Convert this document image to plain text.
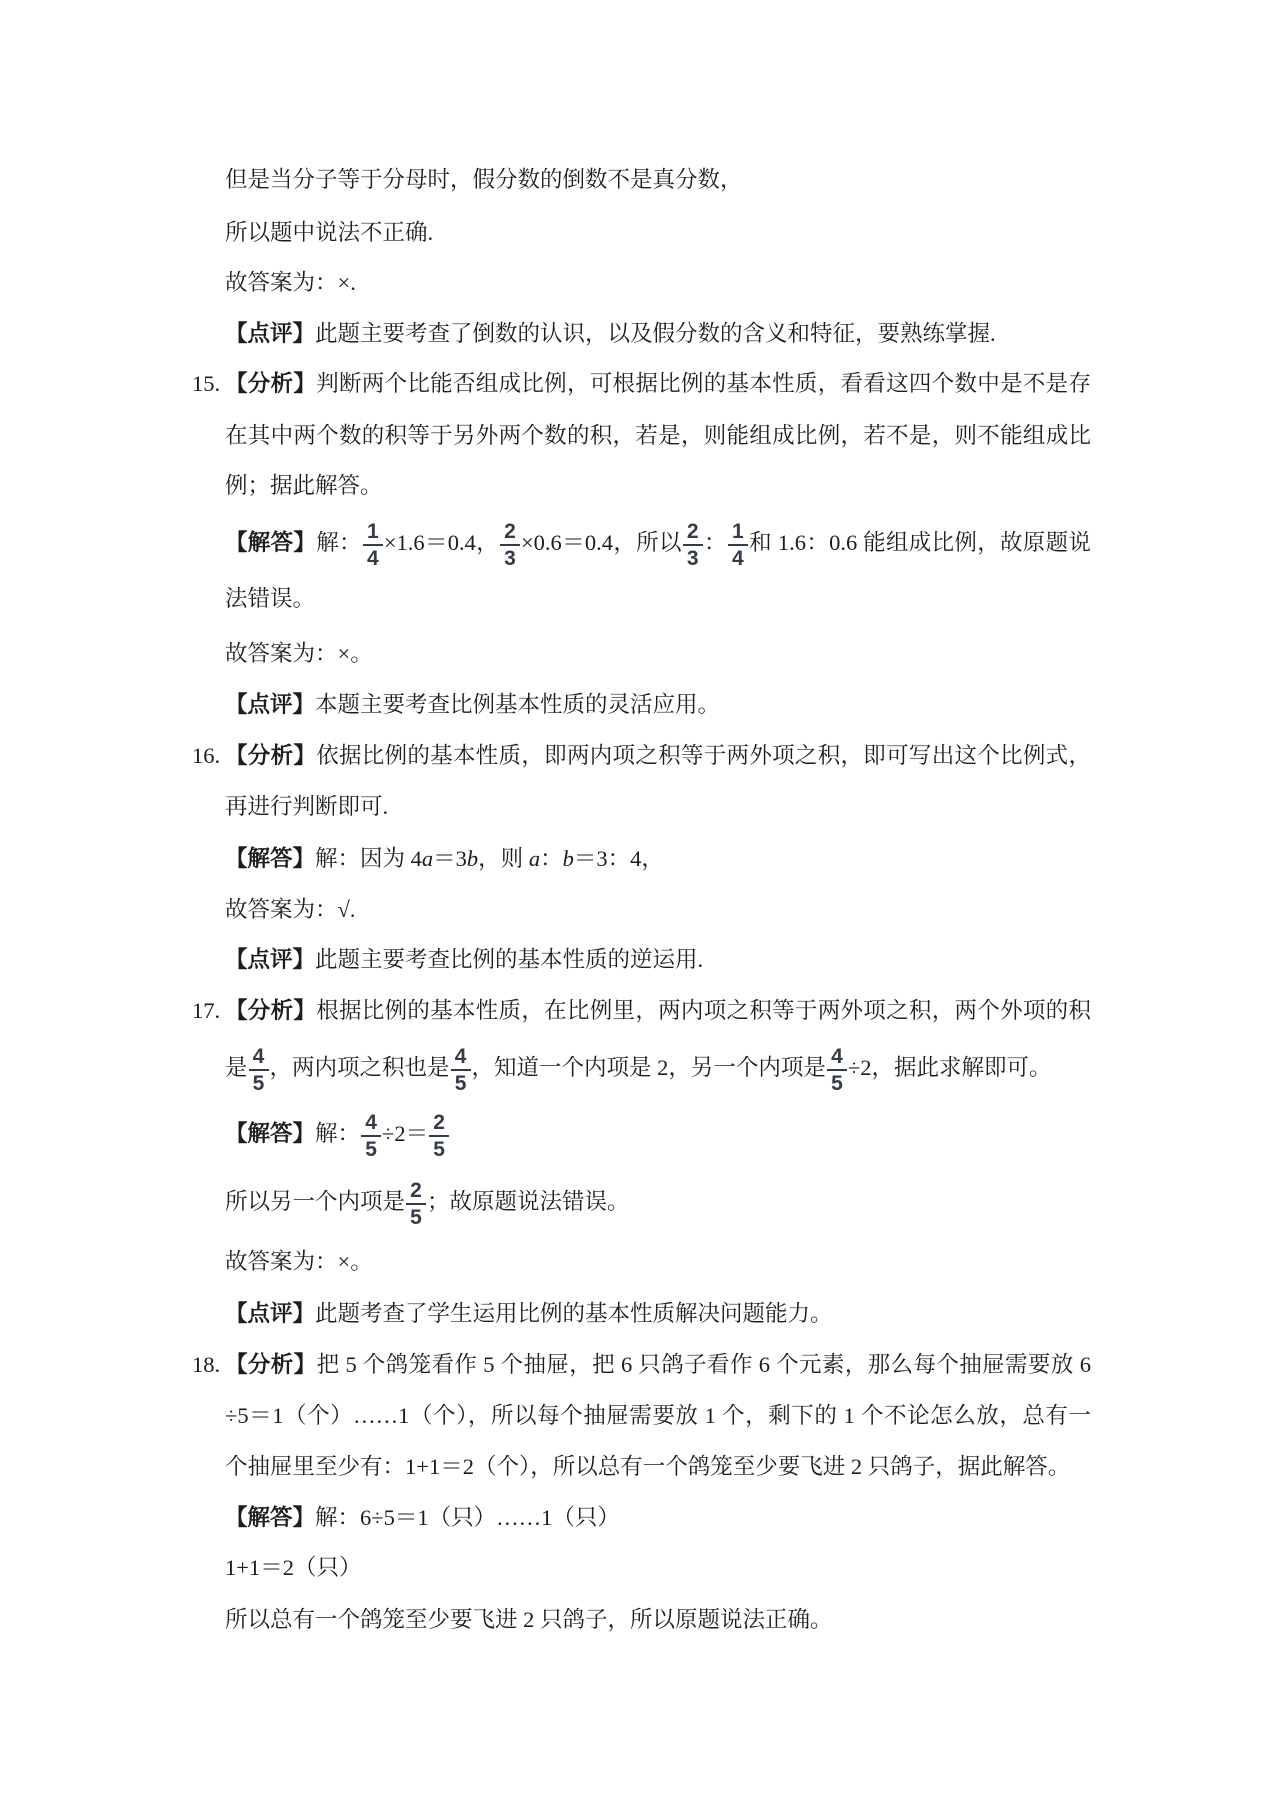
但是当分子等于分母时，假分数的倒数不是真分数，
所以题中说法不正确.
故答案为：×.
【点评】此题主要考查了倒数的认识，以及假分数的含义和特征，要熟练掌握.
15. 【分析】判断两个比能否组成比例，可根据比例的基本性质，看看这四个数中是不是存
在其中两个数的积等于另外两个数的积，若是，则能组成比例，若不是，则不能组成比
例；据此解答。
【解答】解： $\frac{1}{4} \times 1.6=0.4$， $\frac{2}{3} \times 0.6=0.4$，所以 $\frac{2}{3}$ ： $\frac{1}{4}$ 和 1.6：0.6 能组成比例，故原题说
法错误。
故答案为：×。
【点评】本题主要考查比例基本性质的灵活应用。
16. 【分析】依据比例的基本性质，即两内项之积等于两外项之积，即可写出这个比例式，
再进行判断即可.
【解答】解：因为 4a＝3b，则 a：b＝3：4，
故答案为：√.
【点评】此题主要考查比例的基本性质的逆运用.
17. 【分析】根据比例的基本性质，在比例里，两内项之积等于两外项之积，两个外项的积
是 $\frac{4}{5}$ ，两内项之积也是 $\frac{4}{5}$ ，知道一个内项是 2，另一个内项是 $\frac{4}{5} \div 2$，据此求解即可。
【解答】解： $\frac{4}{5} \div 2= \frac{2}{5}$
所以另一个内项是 $\frac{2}{5}$ ；故原题说法错误。
故答案为：×。
【点评】此题考查了学生运用比例的基本性质解决问题能力。
18. 【分析】把 5 个鸽笼看作 5 个抽屉，把 6 只鸽子看作 6 个元素，那么每个抽屉需要放 6
÷5＝1（个）……1（个），所以每个抽屉需要放 1 个，剩下的 1 个不论怎么放，总有一
个抽屉里至少有：1+1＝2（个），所以总有一个鸽笼至少要飞进 2 只鸽子，据此解答。
【解答】解：6÷5＝1（只）……1（只）
1+1＝2（只）
所以总有一个鸽笼至少要飞进 2 只鸽子，所以原题说法正确。
